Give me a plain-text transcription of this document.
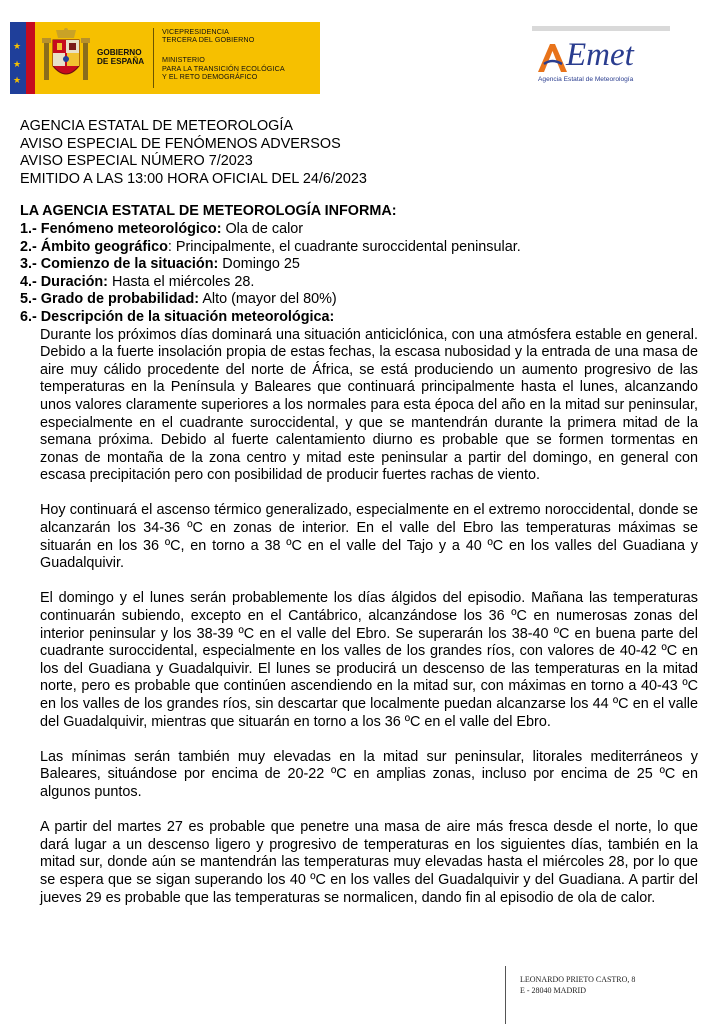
★
★
★
GOBIERNO
DE ESPAÑA
VICEPRESIDENCIA
TERCERA DEL GOBIERNO
MINISTERIO
PARA LA TRANSICIÓN ECOLÓGICA
Y EL RETO DEMOGRÁFICO
Emet
Agencia Estatal de Meteorología
AGENCIA ESTATAL DE METEOROLOGÍA
AVISO ESPECIAL DE FENÓMENOS ADVERSOS
AVISO ESPECIAL NÚMERO 7/2023
EMITIDO A LAS 13:00 HORA OFICIAL DEL 24/6/2023
LA AGENCIA ESTATAL DE METEOROLOGÍA INFORMA:
1.- Fenómeno meteorológico: Ola de calor
2.- Ámbito geográfico: Principalmente, el cuadrante suroccidental peninsular.
3.- Comienzo de la situación: Domingo 25
4.- Duración: Hasta el miércoles 28.
5.- Grado de probabilidad: Alto (mayor del 80%)
6.- Descripción de la situación meteorológica:

Durante los próximos días dominará una situación anticiclónica, con una atmósfera estable en general. Debido a la fuerte insolación propia de estas fechas, la escasa nubosidad y la entrada de una masa de aire muy cálido procedente del norte de África, se está produciendo un aumento progresivo de las temperaturas en la Península y Baleares que continuará principalmente hasta el lunes, alcanzando unos valores claramente superiores a los normales para esta época del año en la mitad sur peninsular, especialmente en el cuadrante suroccidental, y que se mantendrán durante la primera mitad de la semana próxima. Debido al fuerte calentamiento diurno es probable que se formen tormentas en zonas de montaña de la zona centro y mitad este peninsular a partir del domingo, en general con escasa precipitación pero con posibilidad de producir fuertes rachas de viento.

Hoy continuará el ascenso térmico generalizado, especialmente en el extremo noroccidental, donde se alcanzarán los 34-36 ºC en zonas de interior. En el valle del Ebro las temperaturas máximas se situarán en los 36 ºC, en torno a 38 ºC en el valle del Tajo y a 40 ºC en los valles del Guadiana y Guadalquivir.

El domingo y el lunes serán probablemente los días álgidos del episodio. Mañana las temperaturas continuarán subiendo, excepto en el Cantábrico, alcanzándose los 36 ºC en numerosas zonas del interior peninsular y los 38-39 ºC en el valle del Ebro. Se superarán los 38-40 ºC en buena parte del cuadrante suroccidental, especialmente en los valles de los grandes ríos, con valores de 40-42 ºC en los del Guadiana y Guadalquivir. El lunes se producirá un descenso de las temperaturas en la mitad norte, pero es probable que continúen ascendiendo en la mitad sur, con máximas en torno a 40-43 ºC en los valles de los grandes ríos, sin descartar que localmente puedan alcanzarse los 44 ºC en el valle del Guadalquivir, mientras que situarán en torno a los 36 ºC en el valle del Ebro.

Las mínimas serán también muy elevadas en la mitad sur peninsular, litorales mediterráneos y Baleares, situándose por encima de 20-22 ºC en amplias zonas, incluso por encima de 25 ºC en algunos puntos.

A partir del martes 27 es probable que penetre una masa de aire más fresca desde el norte, lo que dará lugar a un descenso ligero y progresivo de temperaturas en los siguientes días, también en la mitad sur, donde aún se mantendrán las temperaturas muy elevadas hasta el miércoles 28, por lo que se espera que se sigan superando los 40 ºC en los valles del Guadalquivir y del Guadiana. A partir del jueves 29 es probable que las temperaturas se normalicen, dando fin al episodio de ola de calor.

LEONARDO PRIETO CASTRO, 8
E - 28040 MADRID
